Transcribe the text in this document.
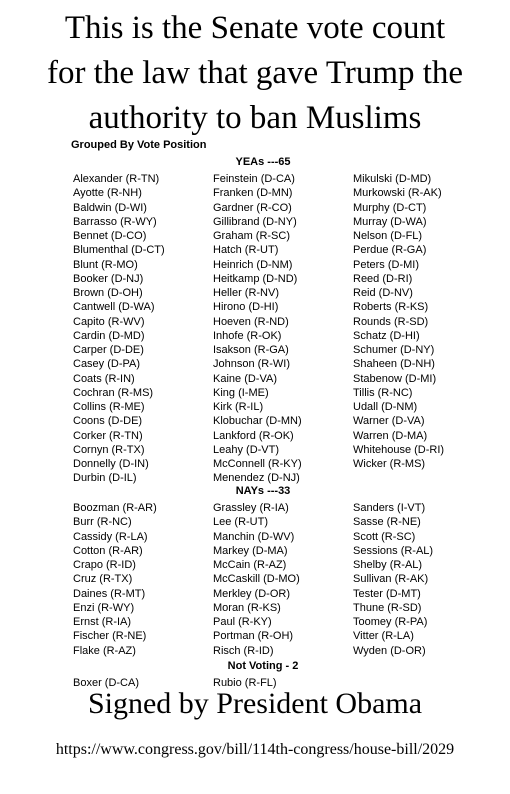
This is the Senate vote count
for the law that gave Trump the
authority to ban Muslims
Grouped By Vote Position
YEAs ---65
Alexander (R-TN)
Ayotte (R-NH)
Baldwin (D-WI)
Barrasso (R-WY)
Bennet (D-CO)
Blumenthal (D-CT)
Blunt (R-MO)
Booker (D-NJ)
Brown (D-OH)
Cantwell (D-WA)
Capito (R-WV)
Cardin (D-MD)
Carper (D-DE)
Casey (D-PA)
Coats (R-IN)
Cochran (R-MS)
Collins (R-ME)
Coons (D-DE)
Corker (R-TN)
Cornyn (R-TX)
Donnelly (D-IN)
Durbin (D-IL)
Feinstein (D-CA)
Franken (D-MN)
Gardner (R-CO)
Gillibrand (D-NY)
Graham (R-SC)
Hatch (R-UT)
Heinrich (D-NM)
Heitkamp (D-ND)
Heller (R-NV)
Hirono (D-HI)
Hoeven (R-ND)
Inhofe (R-OK)
Isakson (R-GA)
Johnson (R-WI)
Kaine (D-VA)
King (I-ME)
Kirk (R-IL)
Klobuchar (D-MN)
Lankford (R-OK)
Leahy (D-VT)
McConnell (R-KY)
Menendez (D-NJ)
Mikulski (D-MD)
Murkowski (R-AK)
Murphy (D-CT)
Murray (D-WA)
Nelson (D-FL)
Perdue (R-GA)
Peters (D-MI)
Reed (D-RI)
Reid (D-NV)
Roberts (R-KS)
Rounds (R-SD)
Schatz (D-HI)
Schumer (D-NY)
Shaheen (D-NH)
Stabenow (D-MI)
Tillis (R-NC)
Udall (D-NM)
Warner (D-VA)
Warren (D-MA)
Whitehouse (D-RI)
Wicker (R-MS)
NAYs ---33
Boozman (R-AR)
Burr (R-NC)
Cassidy (R-LA)
Cotton (R-AR)
Crapo (R-ID)
Cruz (R-TX)
Daines (R-MT)
Enzi (R-WY)
Ernst (R-IA)
Fischer (R-NE)
Flake (R-AZ)
Grassley (R-IA)
Lee (R-UT)
Manchin (D-WV)
Markey (D-MA)
McCain (R-AZ)
McCaskill (D-MO)
Merkley (D-OR)
Moran (R-KS)
Paul (R-KY)
Portman (R-OH)
Risch (R-ID)
Sanders (I-VT)
Sasse (R-NE)
Scott (R-SC)
Sessions (R-AL)
Shelby (R-AL)
Sullivan (R-AK)
Tester (D-MT)
Thune (R-SD)
Toomey (R-PA)
Vitter (R-LA)
Wyden (D-OR)
Not Voting - 2
Boxer (D-CA)	Rubio (R-FL)
Signed by President Obama
https://www.congress.gov/bill/114th-congress/house-bill/2029
